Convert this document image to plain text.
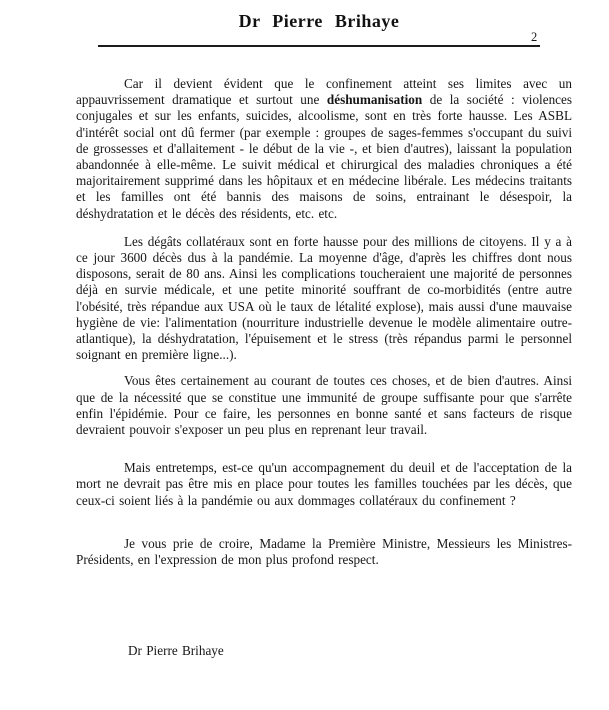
Dr Pierre Brihaye
2

Car il devient évident que le confinement atteint ses limites avec un appauvrissement dramatique et surtout une déshumanisation de la société : violences conjugales et sur les enfants, suicides, alcoolisme, sont en très forte hausse. Les ASBL d'intérêt social ont dû fermer (par exemple : groupes de sages-femmes s'occupant du suivi de grossesses et d'allaitement - le début de la vie -, et bien d'autres), laissant la population abandonnée à elle-même. Le suivit médical et chirurgical des maladies chroniques a été majoritairement supprimé dans les hôpitaux et en médecine libérale. Les médecins traitants et les familles ont été bannis des maisons de soins, entrainant le désespoir, la déshydratation et le décès des résidents, etc. etc.

Les dégâts collatéraux sont en forte hausse pour des millions de citoyens. Il y a à ce jour 3600 décès dus à la pandémie. La moyenne d'âge, d'après les chiffres dont nous disposons, serait de 80 ans. Ainsi les complications toucheraient une majorité de personnes déjà en survie médicale, et une petite minorité souffrant de co-morbidités (entre autre l'obésité, très répandue aux USA où le taux de létalité explose), mais aussi d'une mauvaise hygiène de vie: l'alimentation (nourriture industrielle devenue le modèle alimentaire outre-atlantique), la déshydratation, l'épuisement et le stress (très répandus parmi le personnel soignant en première ligne...).

Vous êtes certainement au courant de toutes ces choses, et de bien d'autres. Ainsi que de la nécessité que se constitue une immunité de groupe suffisante pour que s'arrête enfin l'épidémie. Pour ce faire, les personnes en bonne santé et sans facteurs de risque devraient pouvoir s'exposer un peu plus en reprenant leur travail.

Mais entretemps, est-ce qu'un accompagnement du deuil et de l'acceptation de la mort ne devrait pas être mis en place pour toutes les familles touchées par les décès, que ceux-ci soient liés à la pandémie ou aux dommages collatéraux du confinement ?

Je vous prie de croire, Madame la Première Ministre, Messieurs les Ministres-Présidents, en l'expression de mon plus profond respect.

Dr Pierre Brihaye
